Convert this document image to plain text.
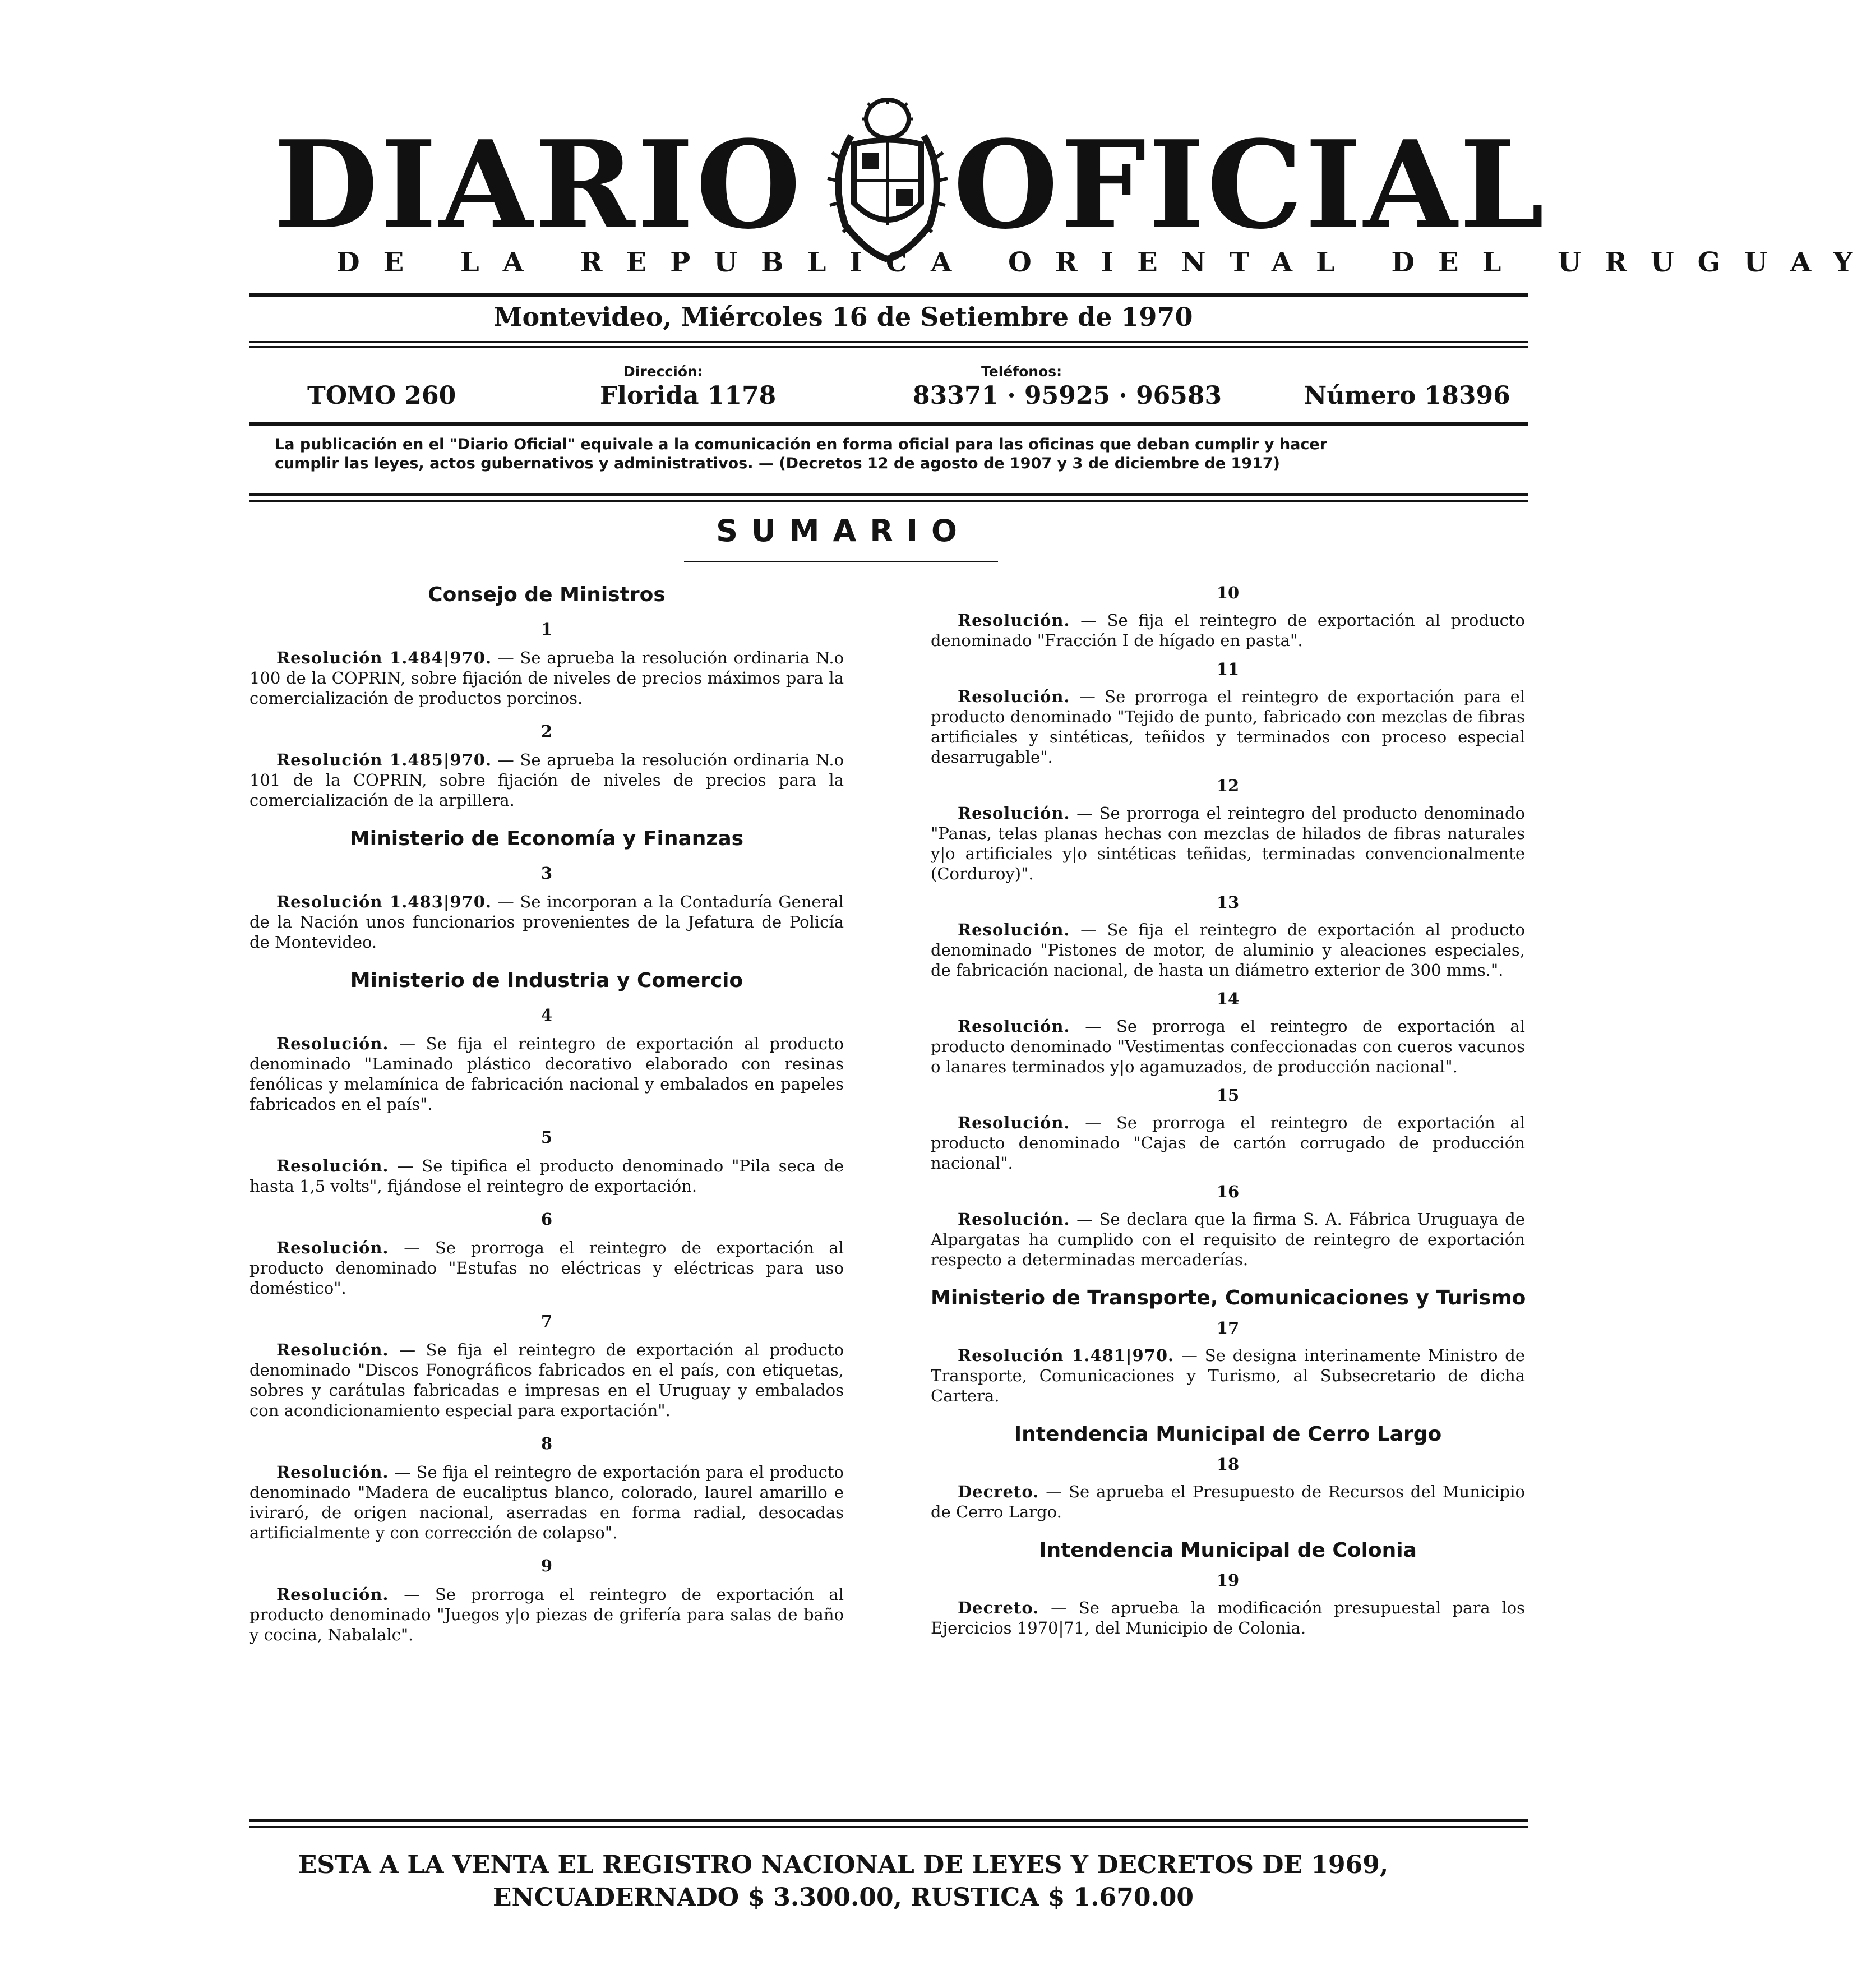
DIARIO OFICIAL
DE LA REPUBLICA ORIENTAL DEL URUGUAY
Montevideo, Miércoles 16 de Setiembre de 1970
TOMO 260
Dirección:
Florida 1178
Teléfonos:
83371 · 95925 · 96583	Número 18396
La publicación en el "Diario Oficial" equivale a la comunicación en forma oficial para las oficinas que deban cumplir y hacer
cumplir las leyes, actos gubernativos y administrativos. — (Decretos 12 de agosto de 1907 y 3 de diciembre de 1917)
SUMARIO

Consejo de Ministros

1

Resolución 1.484|970. — Se aprueba la resolución ordinaria N.o 100 de la COPRIN, sobre fijación de niveles de precios máximos para la comercialización de productos porcinos.

2

Resolución 1.485|970. — Se aprueba la resolución ordinaria N.o 101 de la COPRIN, sobre fijación de niveles de precios para la comercialización de la arpillera.

Ministerio de Economía y Finanzas

3

Resolución 1.483|970. — Se incorporan a la Contaduría General de la Nación unos funcionarios provenientes de la Jefatura de Policía de Montevideo.

Ministerio de Industria y Comercio

4

Resolución. — Se fija el reintegro de exportación al producto denominado "Laminado plástico decorativo elaborado con resinas fenólicas y melamínica de fabricación nacional y embalados en papeles fabricados en el país".

5

Resolución. — Se tipifica el producto denominado "Pila seca de hasta 1,5 volts", fijándose el reintegro de exportación.

6

Resolución. — Se prorroga el reintegro de exportación al producto denominado "Estufas no eléctricas y eléctricas para uso doméstico".

7

Resolución. — Se fija el reintegro de exportación al producto denominado "Discos Fonográficos fabricados en el país, con etiquetas, sobres y carátulas fabricadas e impresas en el Uruguay y embalados con acondicionamiento especial para exportación".

8

Resolución. — Se fija el reintegro de exportación para el producto denominado "Madera de eucaliptus blanco, colorado, laurel amarillo e iviraró, de origen nacional, aserradas en forma radial, desocadas artificialmente y con corrección de colapso".

9

Resolución. — Se prorroga el reintegro de exportación al producto denominado "Juegos y|o piezas de grifería para salas de baño y cocina, Nabalalc".

10

Resolución. — Se fija el reintegro de exportación al producto denominado "Fracción I de hígado en pasta".

11

Resolución. — Se prorroga el reintegro de exportación para el producto denominado "Tejido de punto, fabricado con mezclas de fibras artificiales y sintéticas, teñidos y terminados con proceso especial desarrugable".

12

Resolución. — Se prorroga el reintegro del producto denominado "Panas, telas planas hechas con mezclas de hilados de fibras naturales y|o artificiales y|o sintéticas teñidas, terminadas convencionalmente (Corduroy)".

13

Resolución. — Se fija el reintegro de exportación al producto denominado "Pistones de motor, de aluminio y aleaciones especiales, de fabricación nacional, de hasta un diámetro exterior de 300 mms.".

14

Resolución. — Se prorroga el reintegro de exportación al producto denominado "Vestimentas confeccionadas con cueros vacunos o lanares terminados y|o agamuzados, de producción nacional".

15

Resolución. — Se prorroga el reintegro de exportación al producto denominado "Cajas de cartón corrugado de producción nacional".

16

Resolución. — Se declara que la firma S. A. Fábrica Uruguaya de Alpargatas ha cumplido con el requisito de reintegro de exportación respecto a determinadas mercaderías.

Ministerio de Transporte, Comunicaciones y Turismo

17

Resolución 1.481|970. — Se designa interinamente Ministro de Transporte, Comunicaciones y Turismo, al Subsecretario de dicha Cartera.

Intendencia Municipal de Cerro Largo

18

Decreto. — Se aprueba el Presupuesto de Recursos del Municipio de Cerro Largo.

Intendencia Municipal de Colonia

19

Decreto. — Se aprueba la modificación presupuestal para los Ejercicios 1970|71, del Municipio de Colonia.

ESTA A LA VENTA EL REGISTRO NACIONAL DE LEYES Y DECRETOS DE 1969,
ENCUADERNADO $ 3.300.00, RUSTICA $ 1.670.00
